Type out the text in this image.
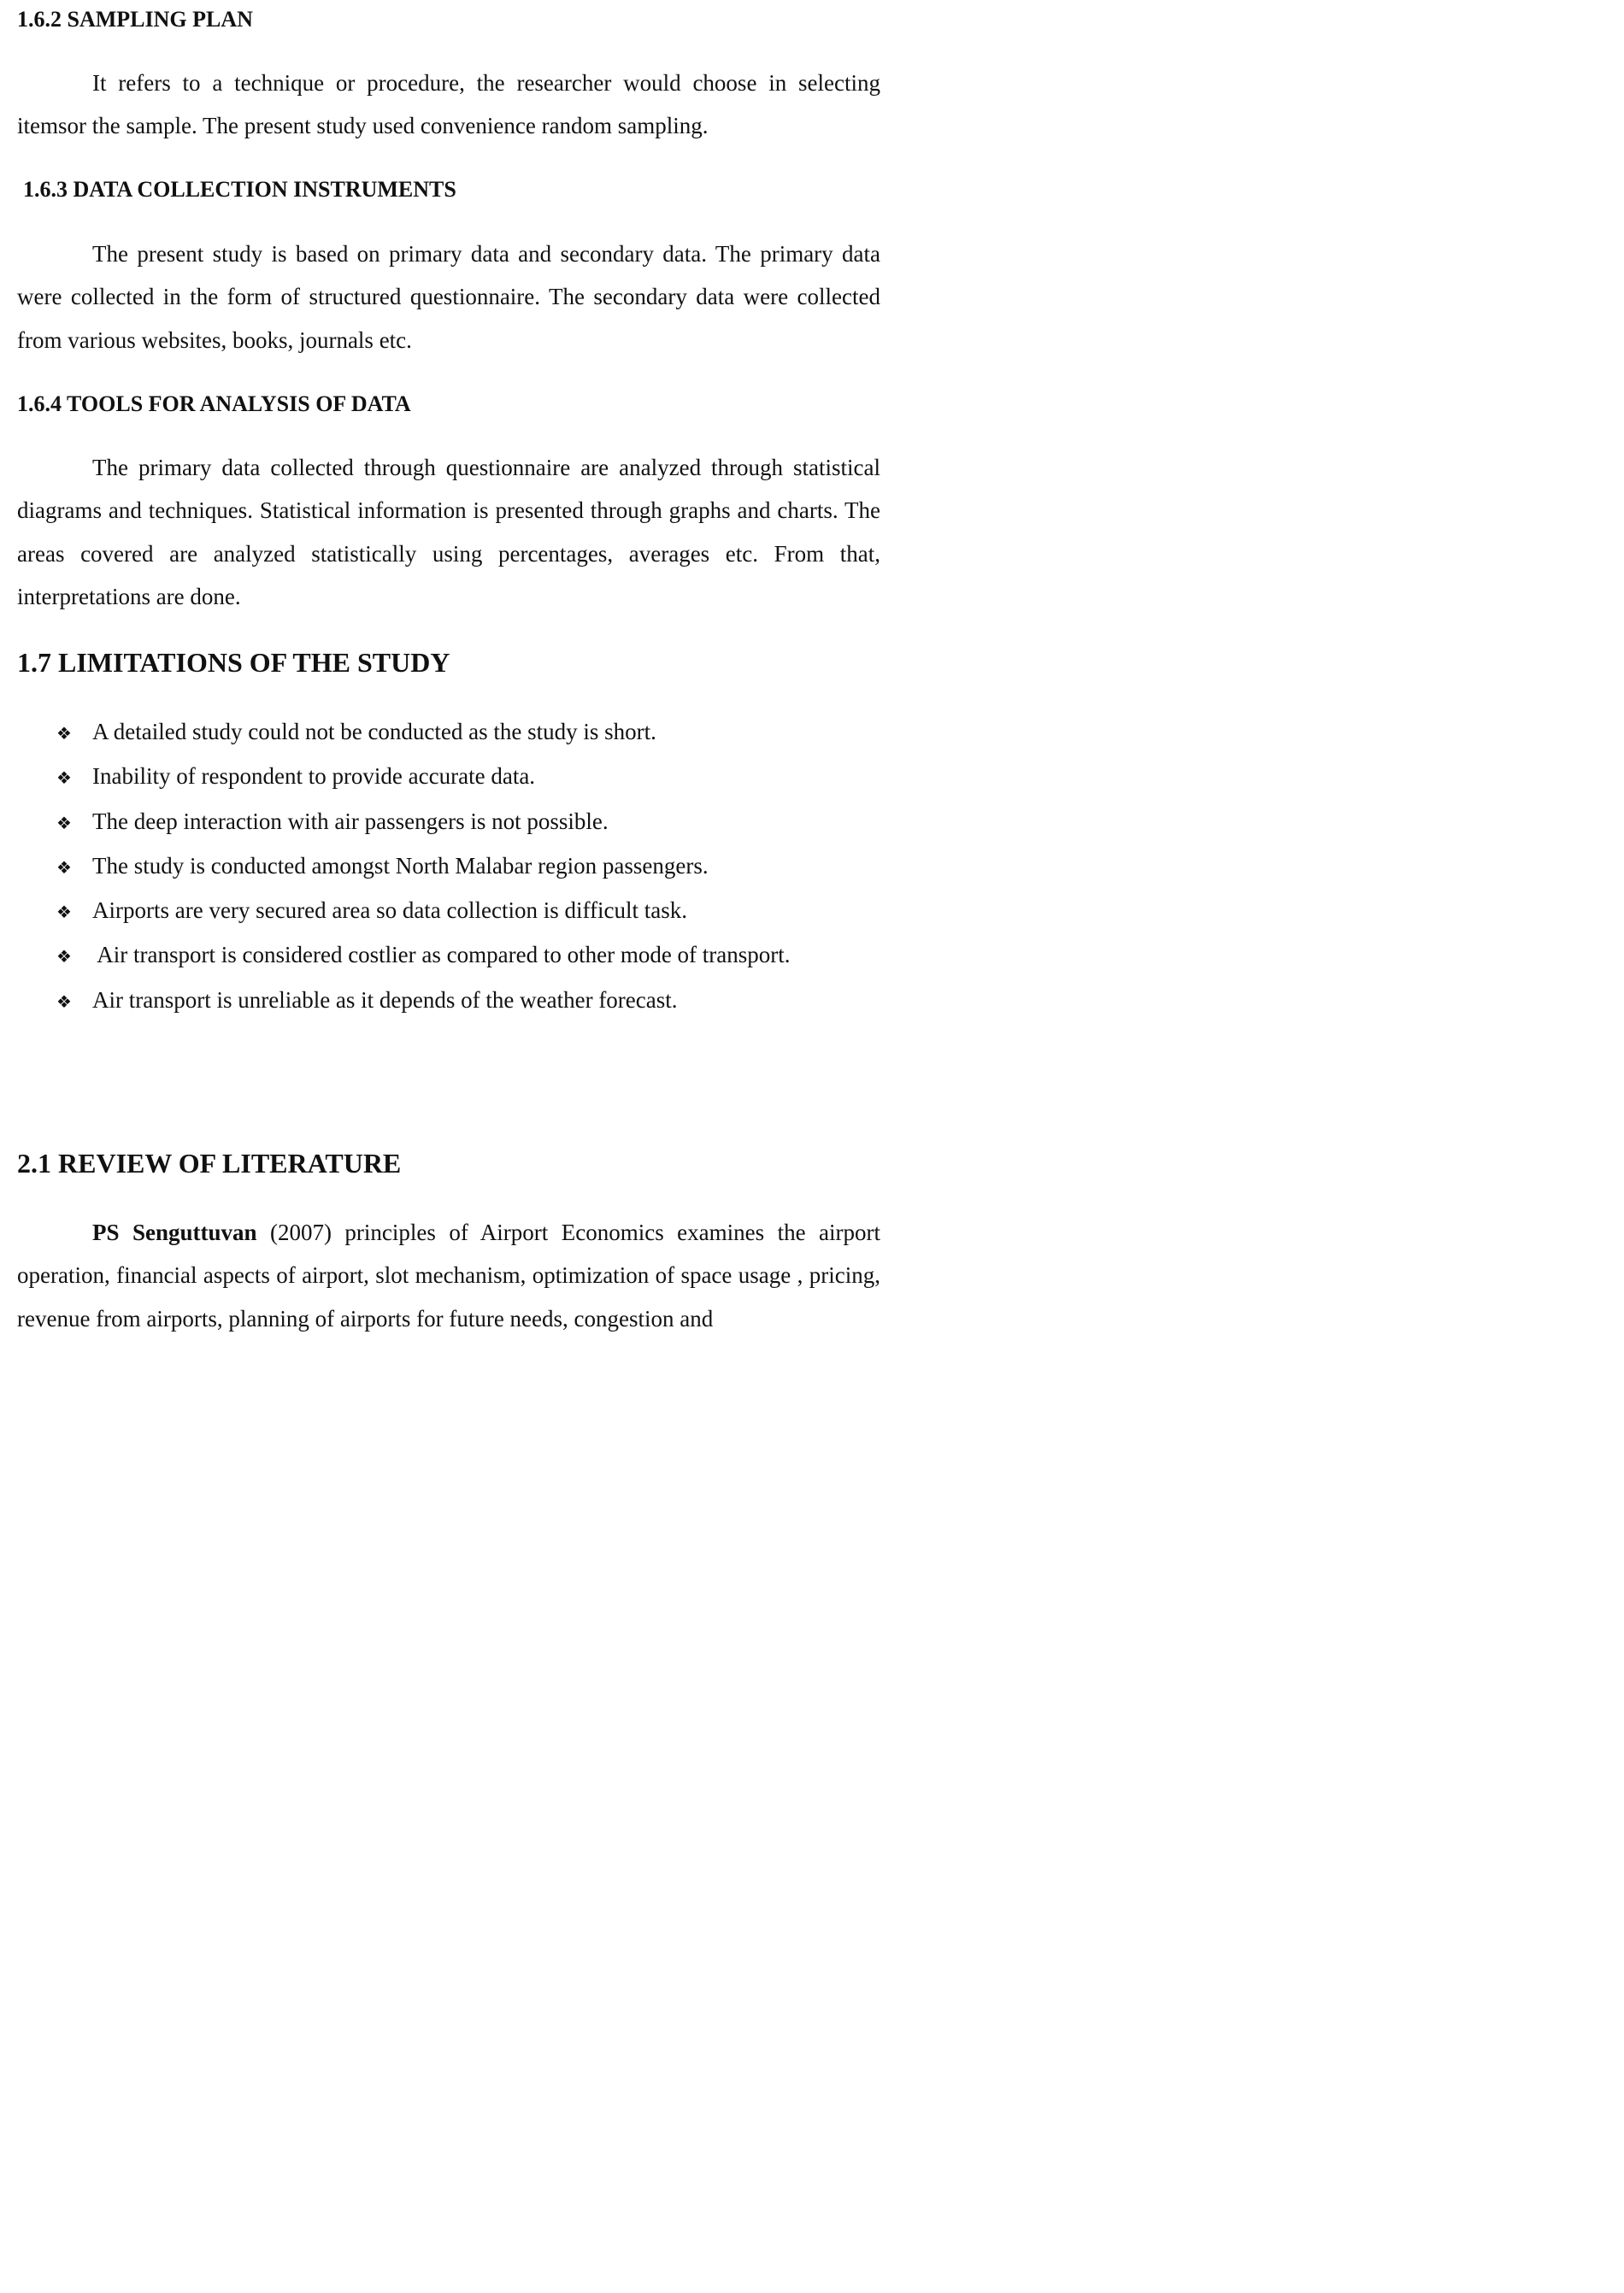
1.6.2 SAMPLING PLAN

It refers to a technique or procedure, the researcher would choose in selecting itemsor the sample. The present study used convenience random sampling.

1.6.3 DATA COLLECTION INSTRUMENTS

The present study is based on primary data and secondary data. The primary data were collected in the form of structured questionnaire. The secondary data were collected from various websites, books, journals etc.

1.6.4 TOOLS FOR ANALYSIS OF DATA

The primary data collected through questionnaire are analyzed through statistical diagrams and techniques. Statistical information is presented through graphs and charts. The areas covered are analyzed statistically using percentages, averages etc. From that, interpretations are done.

1.7 LIMITATIONS OF THE STUDY
❖ A detailed study could not be conducted as the study is short.
❖ Inability of respondent to provide accurate data.
❖ The deep interaction with air passengers is not possible.
❖ The study is conducted amongst North Malabar region passengers.
❖ Airports are very secured area so data collection is difficult task.
❖ Air transport is considered costlier as compared to other mode of transport.
❖ Air transport is unreliable as it depends of the weather forecast.
2.1 REVIEW OF LITERATURE

PS Senguttuvan (2007) principles of Airport Economics examines the airport operation, financial aspects of airport, slot mechanism, optimization of space usage , pricing, revenue from airports, planning of airports for future needs, congestion and
